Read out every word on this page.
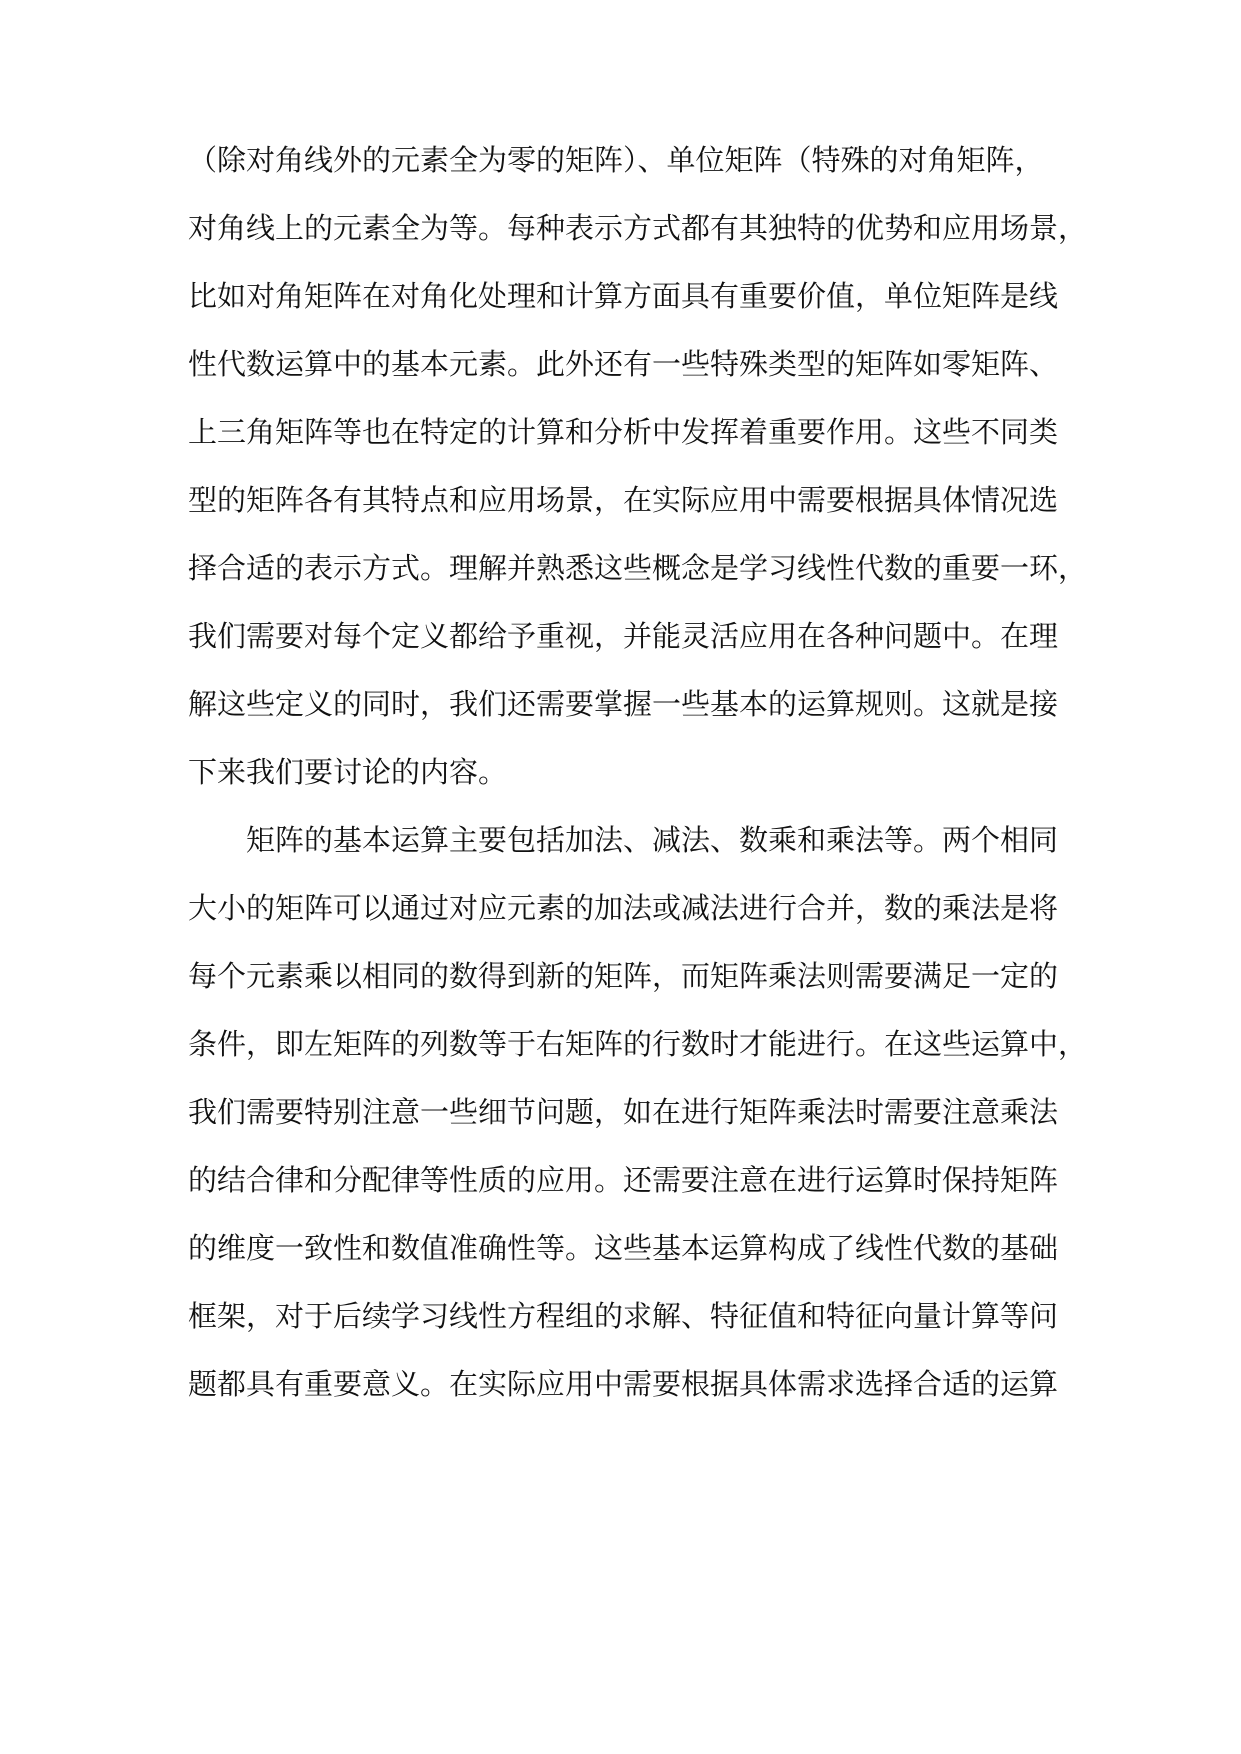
（除对角线外的元素全为零的矩阵）、单位矩阵（特殊的对角矩阵，
对角线上的元素全为等。每种表示方式都有其独特的优势和应用场景，
比如对角矩阵在对角化处理和计算方面具有重要价值，单位矩阵是线
性代数运算中的基本元素。此外还有一些特殊类型的矩阵如零矩阵、
上三角矩阵等也在特定的计算和分析中发挥着重要作用。这些不同类
型的矩阵各有其特点和应用场景，在实际应用中需要根据具体情况选
择合适的表示方式。理解并熟悉这些概念是学习线性代数的重要一环，
我们需要对每个定义都给予重视，并能灵活应用在各种问题中。在理
解这些定义的同时，我们还需要掌握一些基本的运算规则。这就是接
下来我们要讨论的内容。
　　矩阵的基本运算主要包括加法、减法、数乘和乘法等。两个相同
大小的矩阵可以通过对应元素的加法或减法进行合并，数的乘法是将
每个元素乘以相同的数得到新的矩阵，而矩阵乘法则需要满足一定的
条件，即左矩阵的列数等于右矩阵的行数时才能进行。在这些运算中，
我们需要特别注意一些细节问题，如在进行矩阵乘法时需要注意乘法
的结合律和分配律等性质的应用。还需要注意在进行运算时保持矩阵
的维度一致性和数值准确性等。这些基本运算构成了线性代数的基础
框架，对于后续学习线性方程组的求解、特征值和特征向量计算等问
题都具有重要意义。在实际应用中需要根据具体需求选择合适的运算
